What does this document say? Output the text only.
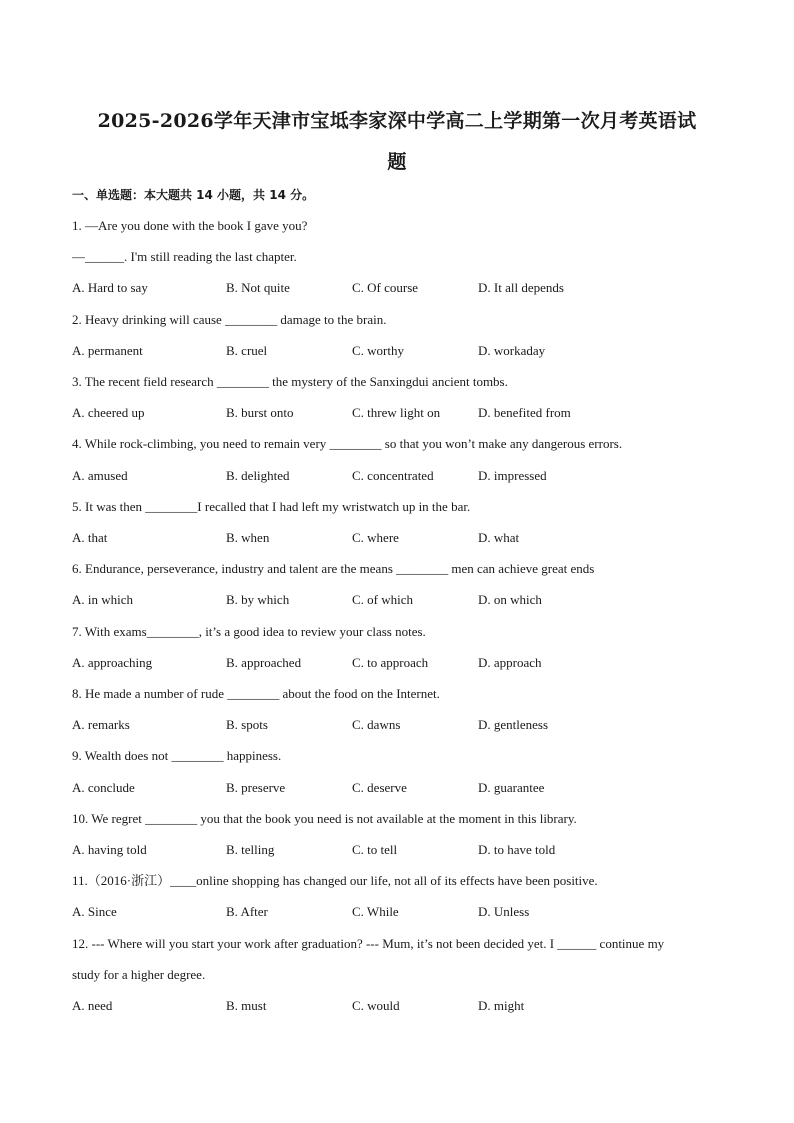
2025-2026学年天津市宝坻李家深中学高二上学期第一次月考英语试
题
一、单选题：本大题共 14 小题，共 14 分。
1. —Are you done with the book I gave you?
—______. I'm still reading the last chapter.
A. Hard to say	B. Not quite	C. Of course	D. It all depends
2. Heavy drinking will cause ________ damage to the brain.
A. permanent	B. cruel	C. worthy	D. workaday
3. The recent field research ________ the mystery of the Sanxingdui ancient tombs.
A. cheered up	B. burst onto	C. threw light on	D. benefited from
4. While rock-climbing, you need to remain very ________ so that you won’t make any dangerous errors.
A. amused	B. delighted	C. concentrated	D. impressed
5. It was then ________I recalled that I had left my wristwatch up in the bar.
A. that	B. when	C. where	D. what
6. Endurance, perseverance, industry and talent are the means ________ men can achieve great ends
A. in which	B. by which	C. of which	D. on which
7. With exams________, it’s a good idea to review your class notes.
A. approaching	B. approached	C. to approach	D. approach
8. He made a number of rude ________ about the food on the Internet.
A. remarks	B. spots	C. dawns	D. gentleness
9. Wealth does not ________ happiness.
A. conclude	B. preserve	C. deserve	D. guarantee
10. We regret ________ you that the book you need is not available at the moment in this library.
A. having told	B. telling	C. to tell	D. to have told
11.（2016·浙江）____online shopping has changed our life, not all of its effects have been positive.
A. Since	B. After	C. While	D. Unless
12. --- Where will you start your work after graduation? --- Mum, it’s not been decided yet. I ______ continue my
study for a higher degree.
A. need	B. must	C. would	D. might
